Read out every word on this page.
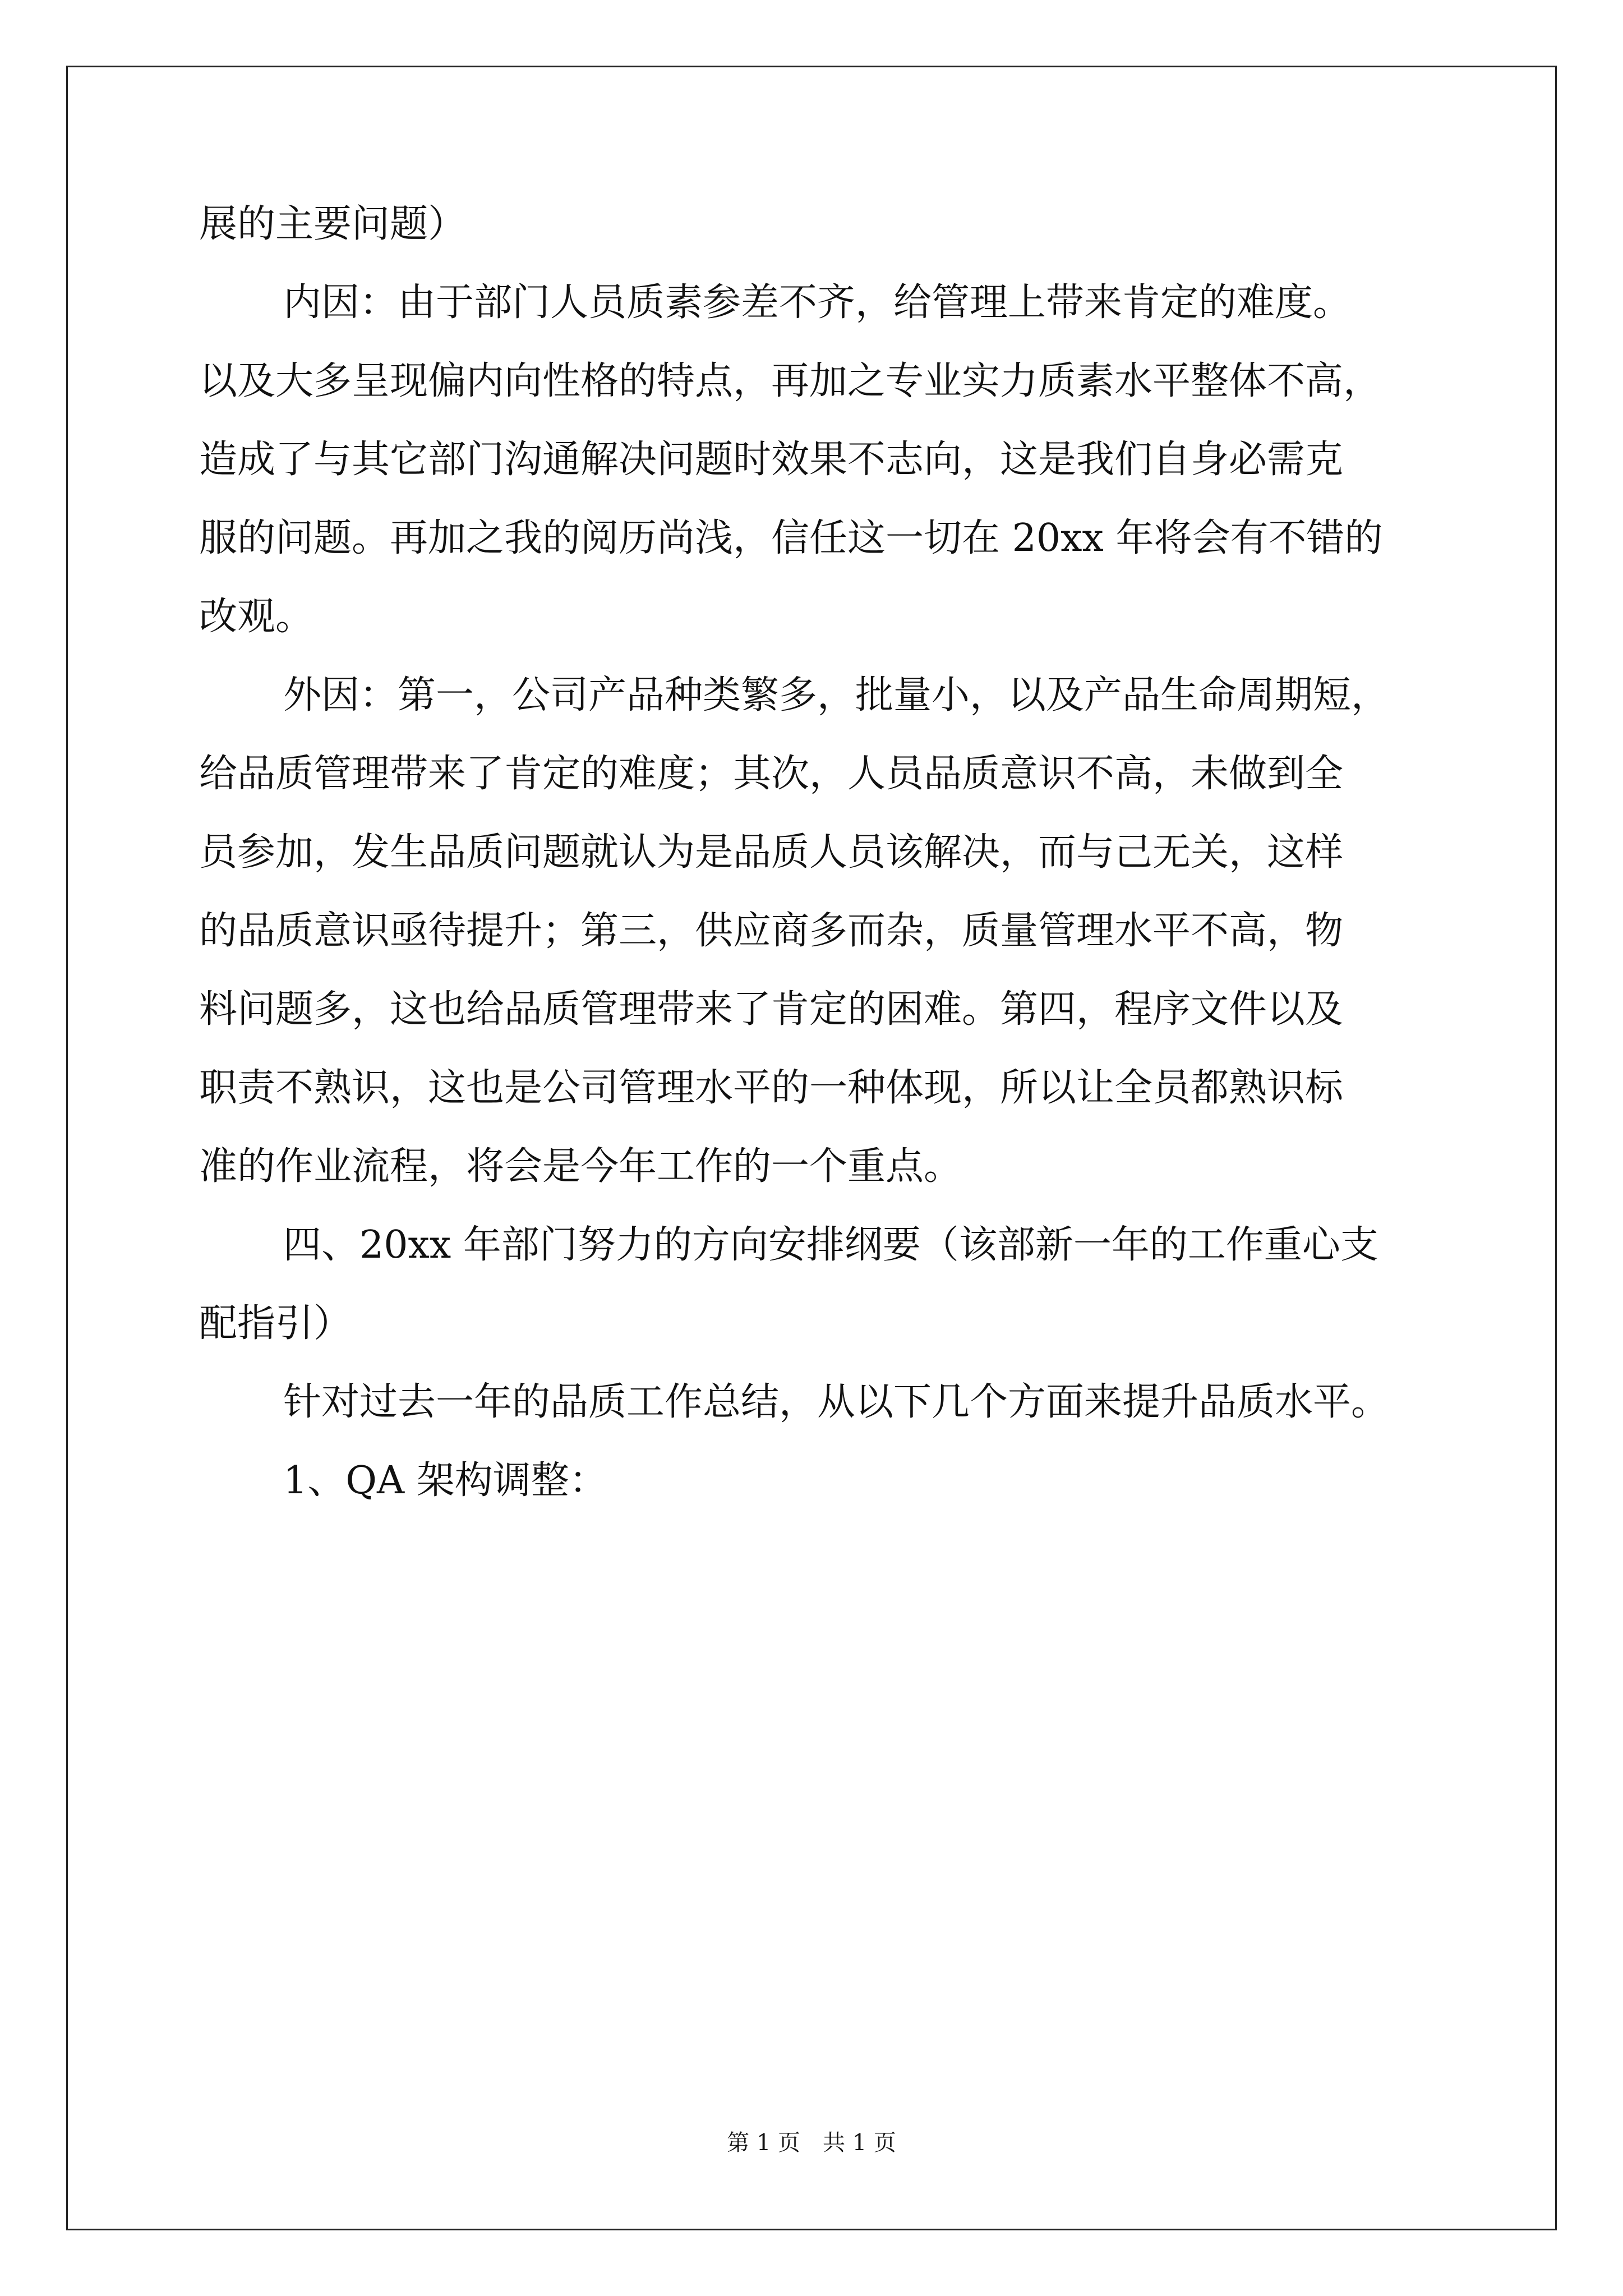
展的主要问题）
内因：由于部门人员质素参差不齐，给管理上带来肯定的难度。
以及大多呈现偏内向性格的特点，再加之专业实力质素水平整体不高，
造成了与其它部门沟通解决问题时效果不志向，这是我们自身必需克
服的问题。再加之我的阅历尚浅，信任这一切在 20xx 年将会有不错的
改观。
外因：第一，公司产品种类繁多，批量小，以及产品生命周期短，
给品质管理带来了肯定的难度；其次，人员品质意识不高，未做到全
员参加，发生品质问题就认为是品质人员该解决，而与己无关，这样
的品质意识亟待提升；第三，供应商多而杂，质量管理水平不高，物
料问题多，这也给品质管理带来了肯定的困难。第四，程序文件以及
职责不熟识，这也是公司管理水平的一种体现，所以让全员都熟识标
准的作业流程，将会是今年工作的一个重点。
四、20xx 年部门努力的方向安排纲要（该部新一年的工作重心支
配指引）
针对过去一年的品质工作总结，从以下几个方面来提升品质水平。
1、QA 架构调整：
第 1 页　共 1 页
